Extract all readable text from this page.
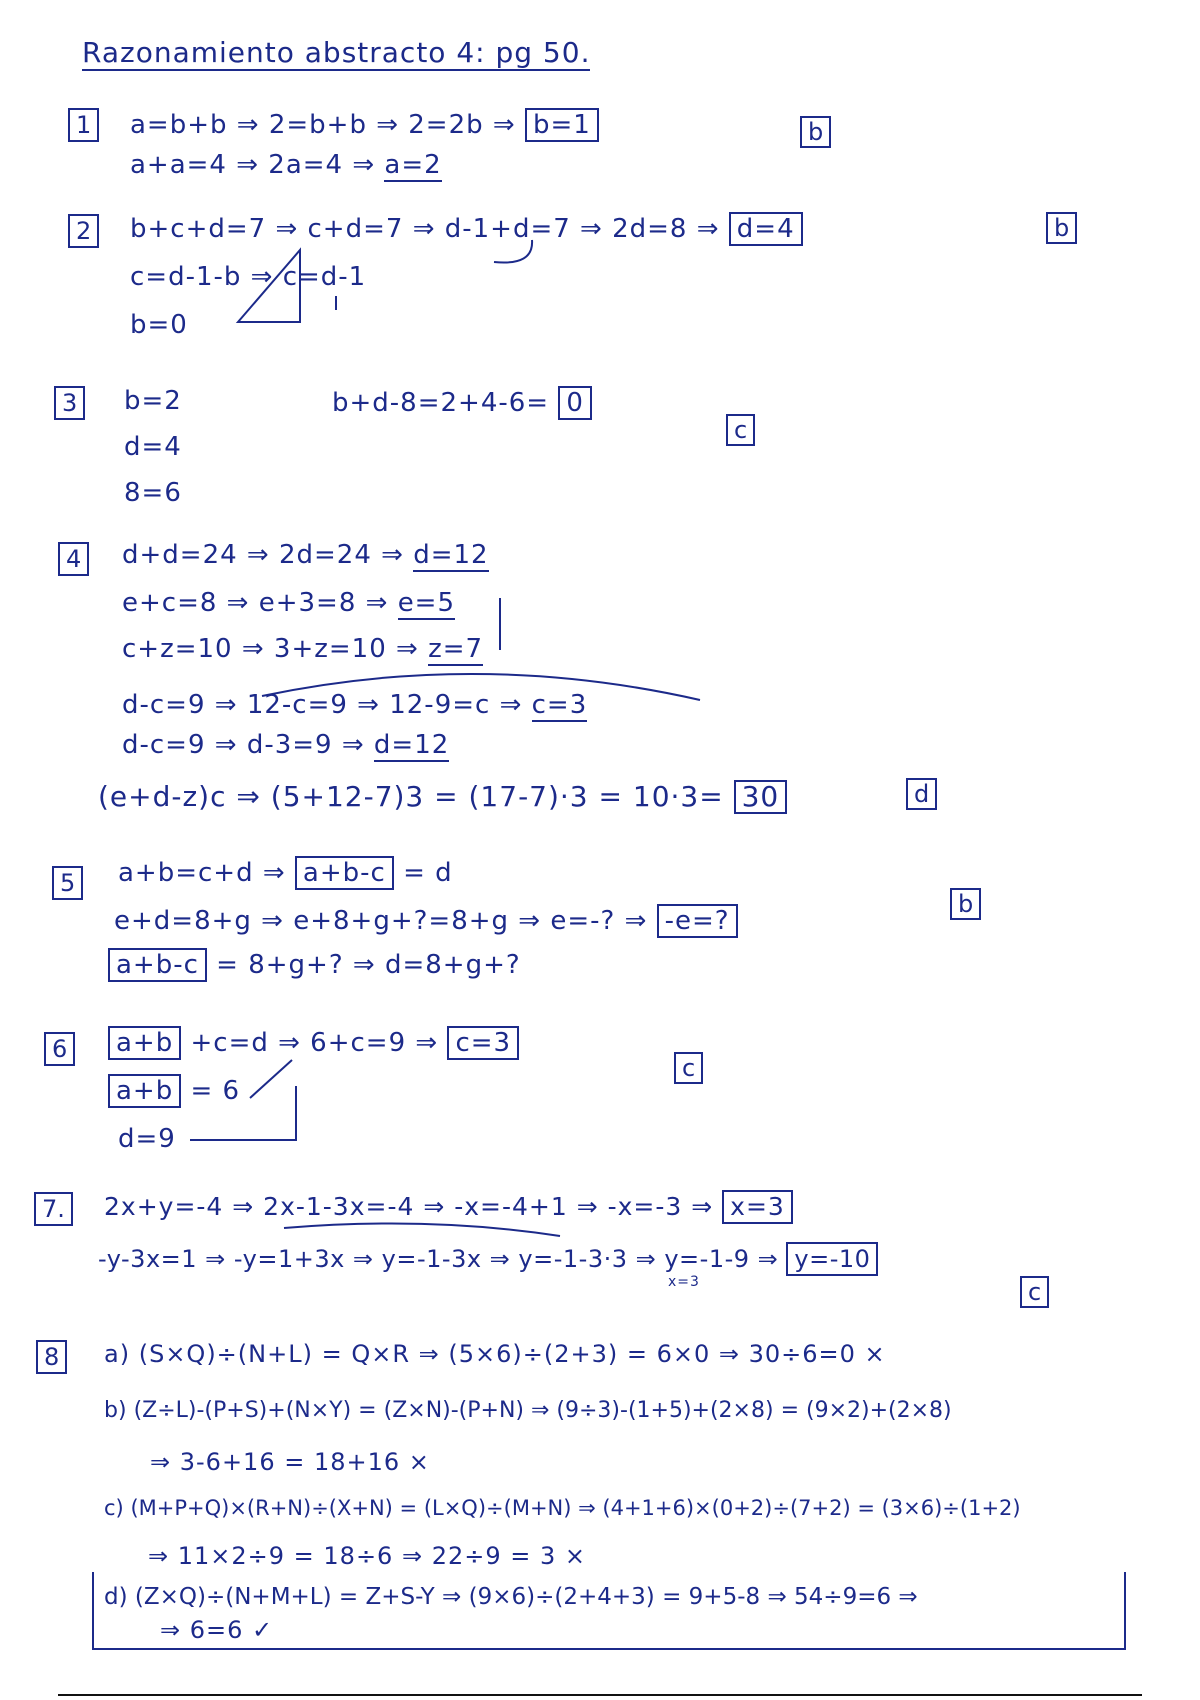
Razonamiento abstracto 4: pg 50.
1	a=b+b ⇒ 2=b+b ⇒ 2=2b ⇒ b=1
a+a=4 ⇒ 2a=4 ⇒ a=2
b
2	b+c+d=7 ⇒ c+d=7 ⇒ d-1+d=7 ⇒ 2d=8 ⇒ d=4
c=d-1-b ⇒ c=d-1
b=0
b
3	b=2
d=4
8=6
b+d-8=2+4-6= 0
c
4	d+d=24 ⇒ 2d=24 ⇒ d=12
e+c=8 ⇒ e+3=8 ⇒ e=5
c+z=10 ⇒ 3+z=10 ⇒ z=7
d-c=9 ⇒ 12-c=9 ⇒ 12-9=c ⇒ c=3
d-c=9 ⇒ d-3=9 ⇒ d=12
(e+d-z)c ⇒ (5+12-7)3 = (17-7)·3 = 10·3= 30	d
5	a+b=c+d ⇒ a+b-c = d
e+d=8+g ⇒ e+8+g+?=8+g ⇒ e=-? ⇒ -e=?
a+b-c = 8+g+? ⇒ d=8+g+?
b
6	a+b +c=d ⇒ 6+c=9 ⇒ c=3
a+b = 6
d=9
c
7.	2x+y=-4 ⇒ 2x-1-3x=-4 ⇒ -x=-4+1 ⇒ -x=-3 ⇒ x=3
-y-3x=1 ⇒ -y=1+3x ⇒ y=-1-3x ⇒ y=-1-3·3 ⇒ y=-1-9 ⇒ y=-10
x=3	c
8	a) (S×Q)÷(N+L) = Q×R ⇒ (5×6)÷(2+3) = 6×0 ⇒ 30÷6=0 ×
b) (Z÷L)-(P+S)+(N×Y) = (Z×N)-(P+N) ⇒ (9÷3)-(1+5)+(2×8) = (9×2)+(2×8)
⇒ 3-6+16 = 18+16 ×
c) (M+P+Q)×(R+N)÷(X+N) = (L×Q)÷(M+N) ⇒ (4+1+6)×(0+2)÷(7+2) = (3×6)÷(1+2)
⇒ 11×2÷9 = 18÷6 ⇒ 22÷9 = 3 ×
d) (Z×Q)÷(N+M+L) = Z+S-Y ⇒ (9×6)÷(2+4+3) = 9+5-8 ⇒ 54÷9=6 ⇒
⇒ 6=6 ✓
